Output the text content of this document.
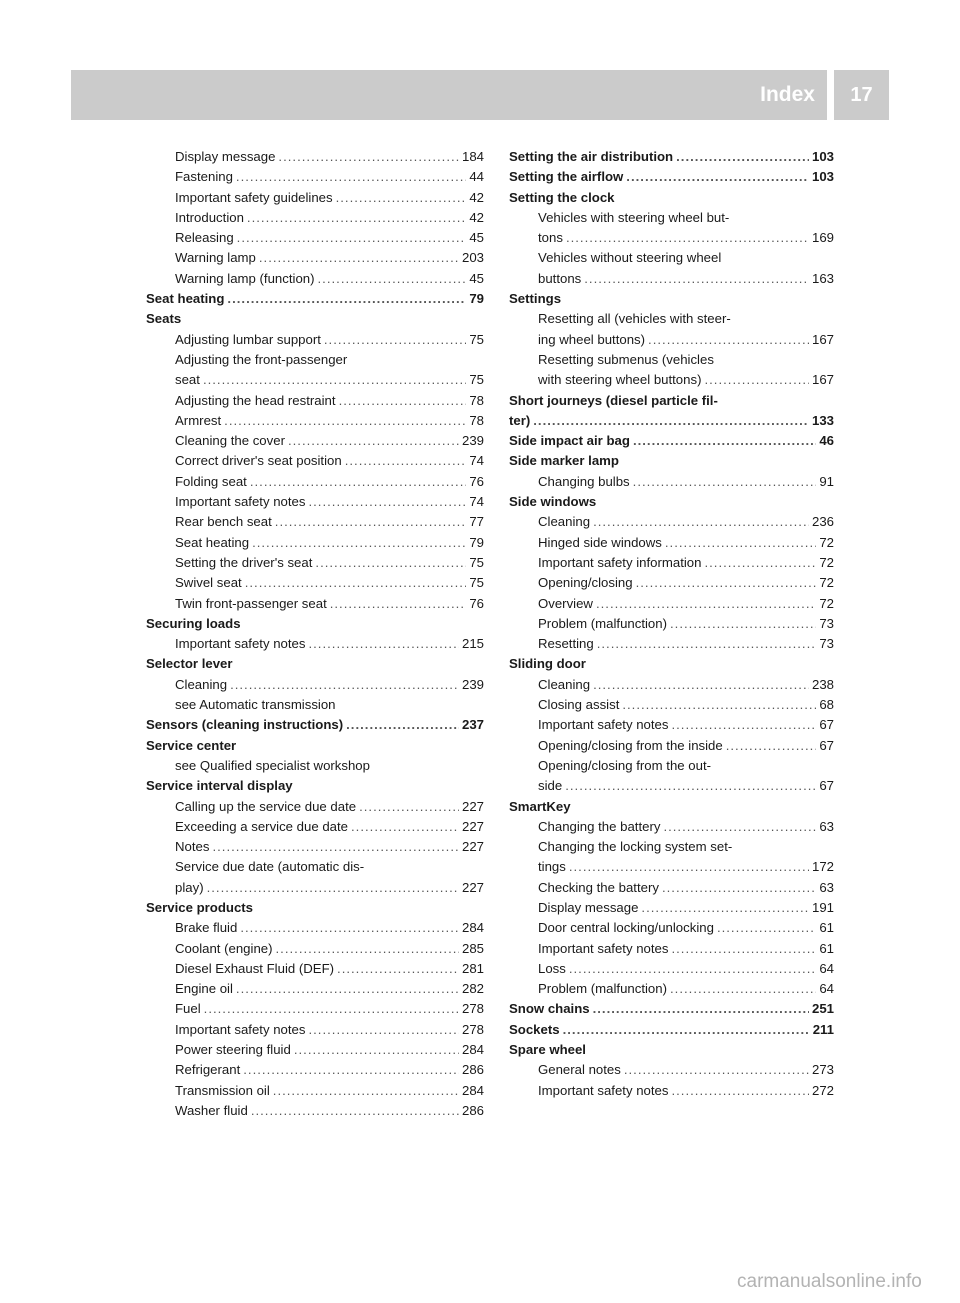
Index	17
Display message .....	184
Fastening .....	44
Important safety guidelines .....	42
Introduction .....	42
Releasing .....	45
Warning lamp .....	203
Warning lamp (function) .....	45
Seat heating .....	79
Seats
Adjusting lumbar support .....	75
Adjusting the front-passenger
seat .....	75
Adjusting the head restraint .....	78
Armrest .....	78
Cleaning the cover .....	239
Correct driver's seat position .....	74
Folding seat .....	76
Important safety notes .....	74
Rear bench seat .....	77
Seat heating .....	79
Setting the driver's seat .....	75
Swivel seat .....	75
Twin front-passenger seat .....	76
Securing loads
Important safety notes .....	215
Selector lever
Cleaning .....	239
see Automatic transmission
Sensors (cleaning instructions) .....	237
Service center
see Qualified specialist workshop
Service interval display
Calling up the service due date .....	227
Exceeding a service due date .....	227
Notes .....	227
Service due date (automatic dis-
play) .....	227
Service products
Brake fluid .....	284
Coolant (engine) .....	285
Diesel Exhaust Fluid (DEF) .....	281
Engine oil .....	282
Fuel .....	278
Important safety notes .....	278
Power steering fluid .....	284
Refrigerant .....	286
Transmission oil .....	284
Washer fluid .....	286
Setting the air distribution .....	103
Setting the airflow .....	103
Setting the clock
Vehicles with steering wheel but-
tons .....	169
Vehicles without steering wheel
buttons .....	163
Settings
Resetting all (vehicles with steer-
ing wheel buttons) .....	167
Resetting submenus (vehicles
with steering wheel buttons) .....	167
Short journeys (diesel particle fil-
ter) .....	133
Side impact air bag .....	46
Side marker lamp
Changing bulbs .....	91
Side windows
Cleaning .....	236
Hinged side windows .....	72
Important safety information .....	72
Opening/closing .....	72
Overview .....	72
Problem (malfunction) .....	73
Resetting .....	73
Sliding door
Cleaning .....	238
Closing assist .....	68
Important safety notes .....	67
Opening/closing from the inside .....	67
Opening/closing from the out-
side .....	67
SmartKey
Changing the battery .....	63
Changing the locking system set-
tings .....	172
Checking the battery .....	63
Display message .....	191
Door central locking/unlocking .....	61
Important safety notes .....	61
Loss .....	64
Problem (malfunction) .....	64
Snow chains .....	251
Sockets .....	211
Spare wheel
General notes .....	273
Important safety notes .....	272
carmanualsonline.info
